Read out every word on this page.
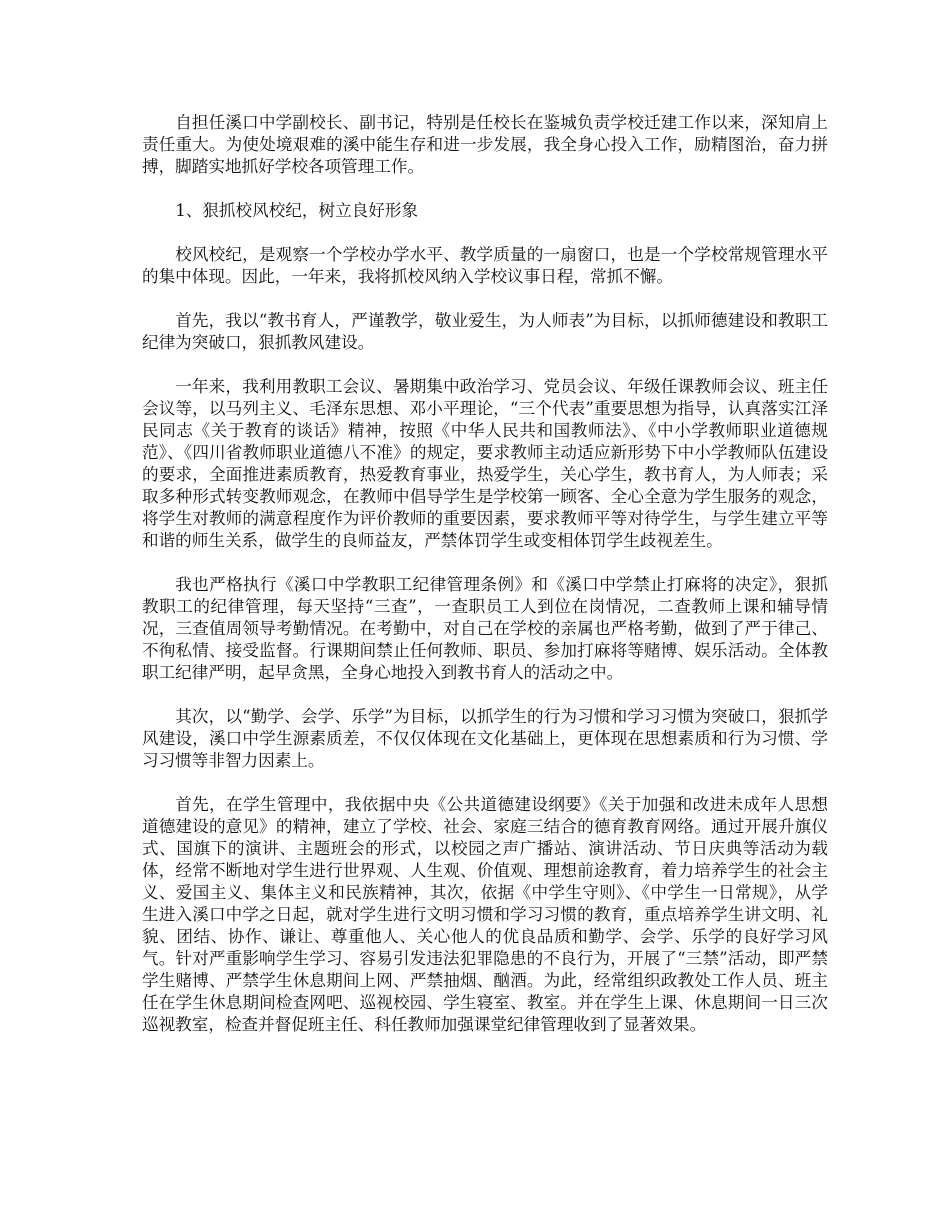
自担任溪口中学副校长、副书记，特别是任校长在鉴城负责学校迁建工作以来，深知肩上责任重大。为使处境艰难的溪中能生存和进一步发展，我全身心投入工作，励精图治，奋力拼搏，脚踏实地抓好学校各项管理工作。

1、狠抓校风校纪，树立良好形象

校风校纪，是观察一个学校办学水平、教学质量的一扇窗口，也是一个学校常规管理水平的集中体现。因此，一年来，我将抓校风纳入学校议事日程，常抓不懈。

首先，我以“教书育人，严谨教学，敬业爱生，为人师表”为目标，以抓师德建设和教职工纪律为突破口，狠抓教风建设。

一年来，我利用教职工会议、暑期集中政治学习、党员会议、年级任课教师会议、班主任会议等，以马列主义、毛泽东思想、邓小平理论，“三个代表”重要思想为指导，认真落实江泽民同志《关于教育的谈话》精神，按照《中华人民共和国教师法》、《中小学教师职业道德规范》、《四川省教师职业道德八不准》的规定，要求教师主动适应新形势下中小学教师队伍建设的要求，全面推进素质教育，热爱教育事业，热爱学生，关心学生，教书育人，为人师表；采取多种形式转变教师观念，在教师中倡导学生是学校第一顾客、全心全意为学生服务的观念，将学生对教师的满意程度作为评价教师的重要因素，要求教师平等对待学生，与学生建立平等和谐的师生关系，做学生的良师益友，严禁体罚学生或变相体罚学生歧视差生。

我也严格执行《溪口中学教职工纪律管理条例》和《溪口中学禁止打麻将的决定》，狠抓教职工的纪律管理，每天坚持“三查”，一查职员工人到位在岗情况，二查教师上课和辅导情况，三查值周领导考勤情况。在考勤中，对自己在学校的亲属也严格考勤，做到了严于律己、不徇私情、接受监督。行课期间禁止任何教师、职员、参加打麻将等赌博、娱乐活动。全体教职工纪律严明，起早贪黑，全身心地投入到教书育人的活动之中。

其次，以“勤学、会学、乐学”为目标，以抓学生的行为习惯和学习习惯为突破口，狠抓学风建设，溪口中学生源素质差，不仅仅体现在文化基础上，更体现在思想素质和行为习惯、学习习惯等非智力因素上。

首先，在学生管理中，我依据中央《公共道德建设纲要》《关于加强和改进未成年人思想道德建设的意见》的精神，建立了学校、社会、家庭三结合的德育教育网络。通过开展升旗仪式、国旗下的演讲、主题班会的形式，以校园之声广播站、演讲活动、节日庆典等活动为载体，经常不断地对学生进行世界观、人生观、价值观、理想前途教育，着力培养学生的社会主义、爱国主义、集体主义和民族精神，其次，依据《中学生守则》、《中学生一日常规》，从学生进入溪口中学之日起，就对学生进行文明习惯和学习习惯的教育，重点培养学生讲文明、礼貌、团结、协作、谦让、尊重他人、关心他人的优良品质和勤学、会学、乐学的良好学习风气。针对严重影响学生学习、容易引发违法犯罪隐患的不良行为，开展了“三禁”活动，即严禁学生赌博、严禁学生休息期间上网、严禁抽烟、酗酒。为此，经常组织政教处工作人员、班主任在学生休息期间检查网吧、巡视校园、学生寝室、教室。并在学生上课、休息期间一日三次巡视教室，检查并督促班主任、科任教师加强课堂纪律管理收到了显著效果。
